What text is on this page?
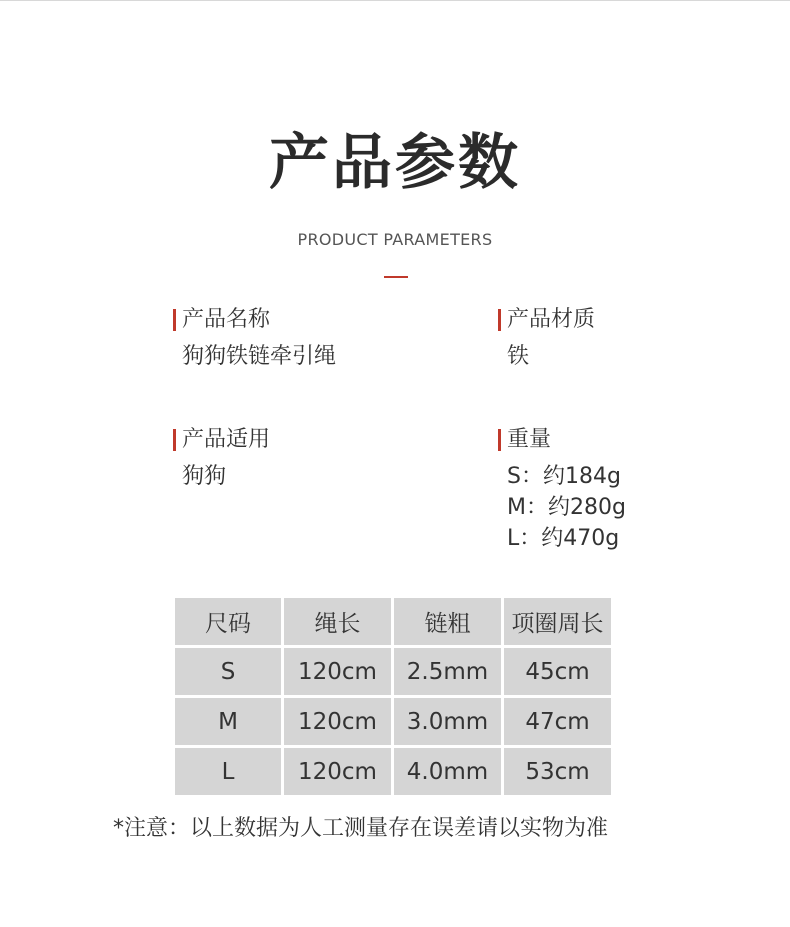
产品参数
PRODUCT PARAMETERS
产品名称
狗狗铁链牵引绳
产品材质
铁
产品适用
狗狗
重量
S：约184g
M：约280g
L：约470g
尺码	绳长	链粗	项圈周长
S	120cm	2.5mm	45cm
M	120cm	3.0mm	47cm
L	120cm	4.0mm	53cm
*注意：以上数据为人工测量存在误差请以实物为准
